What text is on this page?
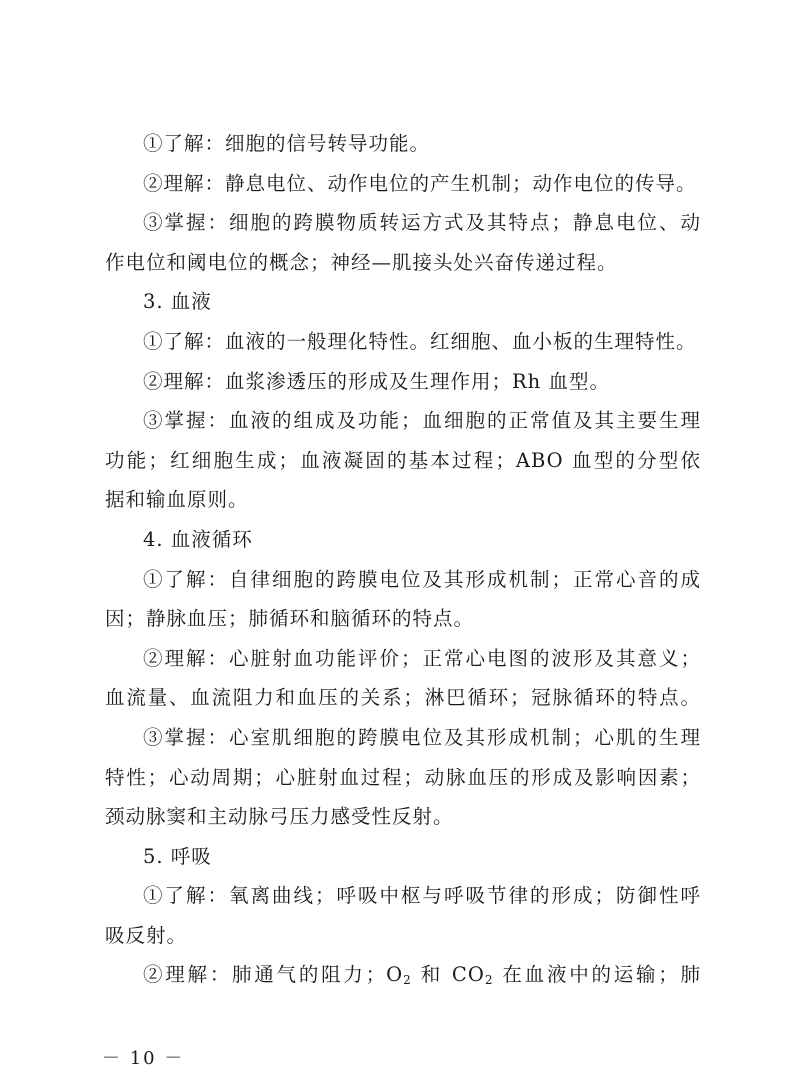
①了解：细胞的信号转导功能。
②理解：静息电位、动作电位的产生机制；动作电位的传导。
③掌握：细胞的跨膜物质转运方式及其特点；静息电位、动
作电位和阈电位的概念；神经—肌接头处兴奋传递过程。
3. 血液
①了解：血液的一般理化特性。红细胞、血小板的生理特性。
②理解：血浆渗透压的形成及生理作用；Rh 血型。
③掌握：血液的组成及功能；血细胞的正常值及其主要生理
功能；红细胞生成；血液凝固的基本过程；ABO 血型的分型依
据和输血原则。
4. 血液循环
①了解：自律细胞的跨膜电位及其形成机制；正常心音的成
因；静脉血压；肺循环和脑循环的特点。
②理解：心脏射血功能评价；正常心电图的波形及其意义；
血流量、血流阻力和血压的关系；淋巴循环；冠脉循环的特点。
③掌握：心室肌细胞的跨膜电位及其形成机制；心肌的生理
特性；心动周期；心脏射血过程；动脉血压的形成及影响因素；
颈动脉窦和主动脉弓压力感受性反射。
5. 呼吸
①了解：氧离曲线；呼吸中枢与呼吸节律的形成；防御性呼
吸反射。
②理解：肺通气的阻力；$O_2$ 和 $CO_2$ 在血液中的运输；肺
－ 10 －
